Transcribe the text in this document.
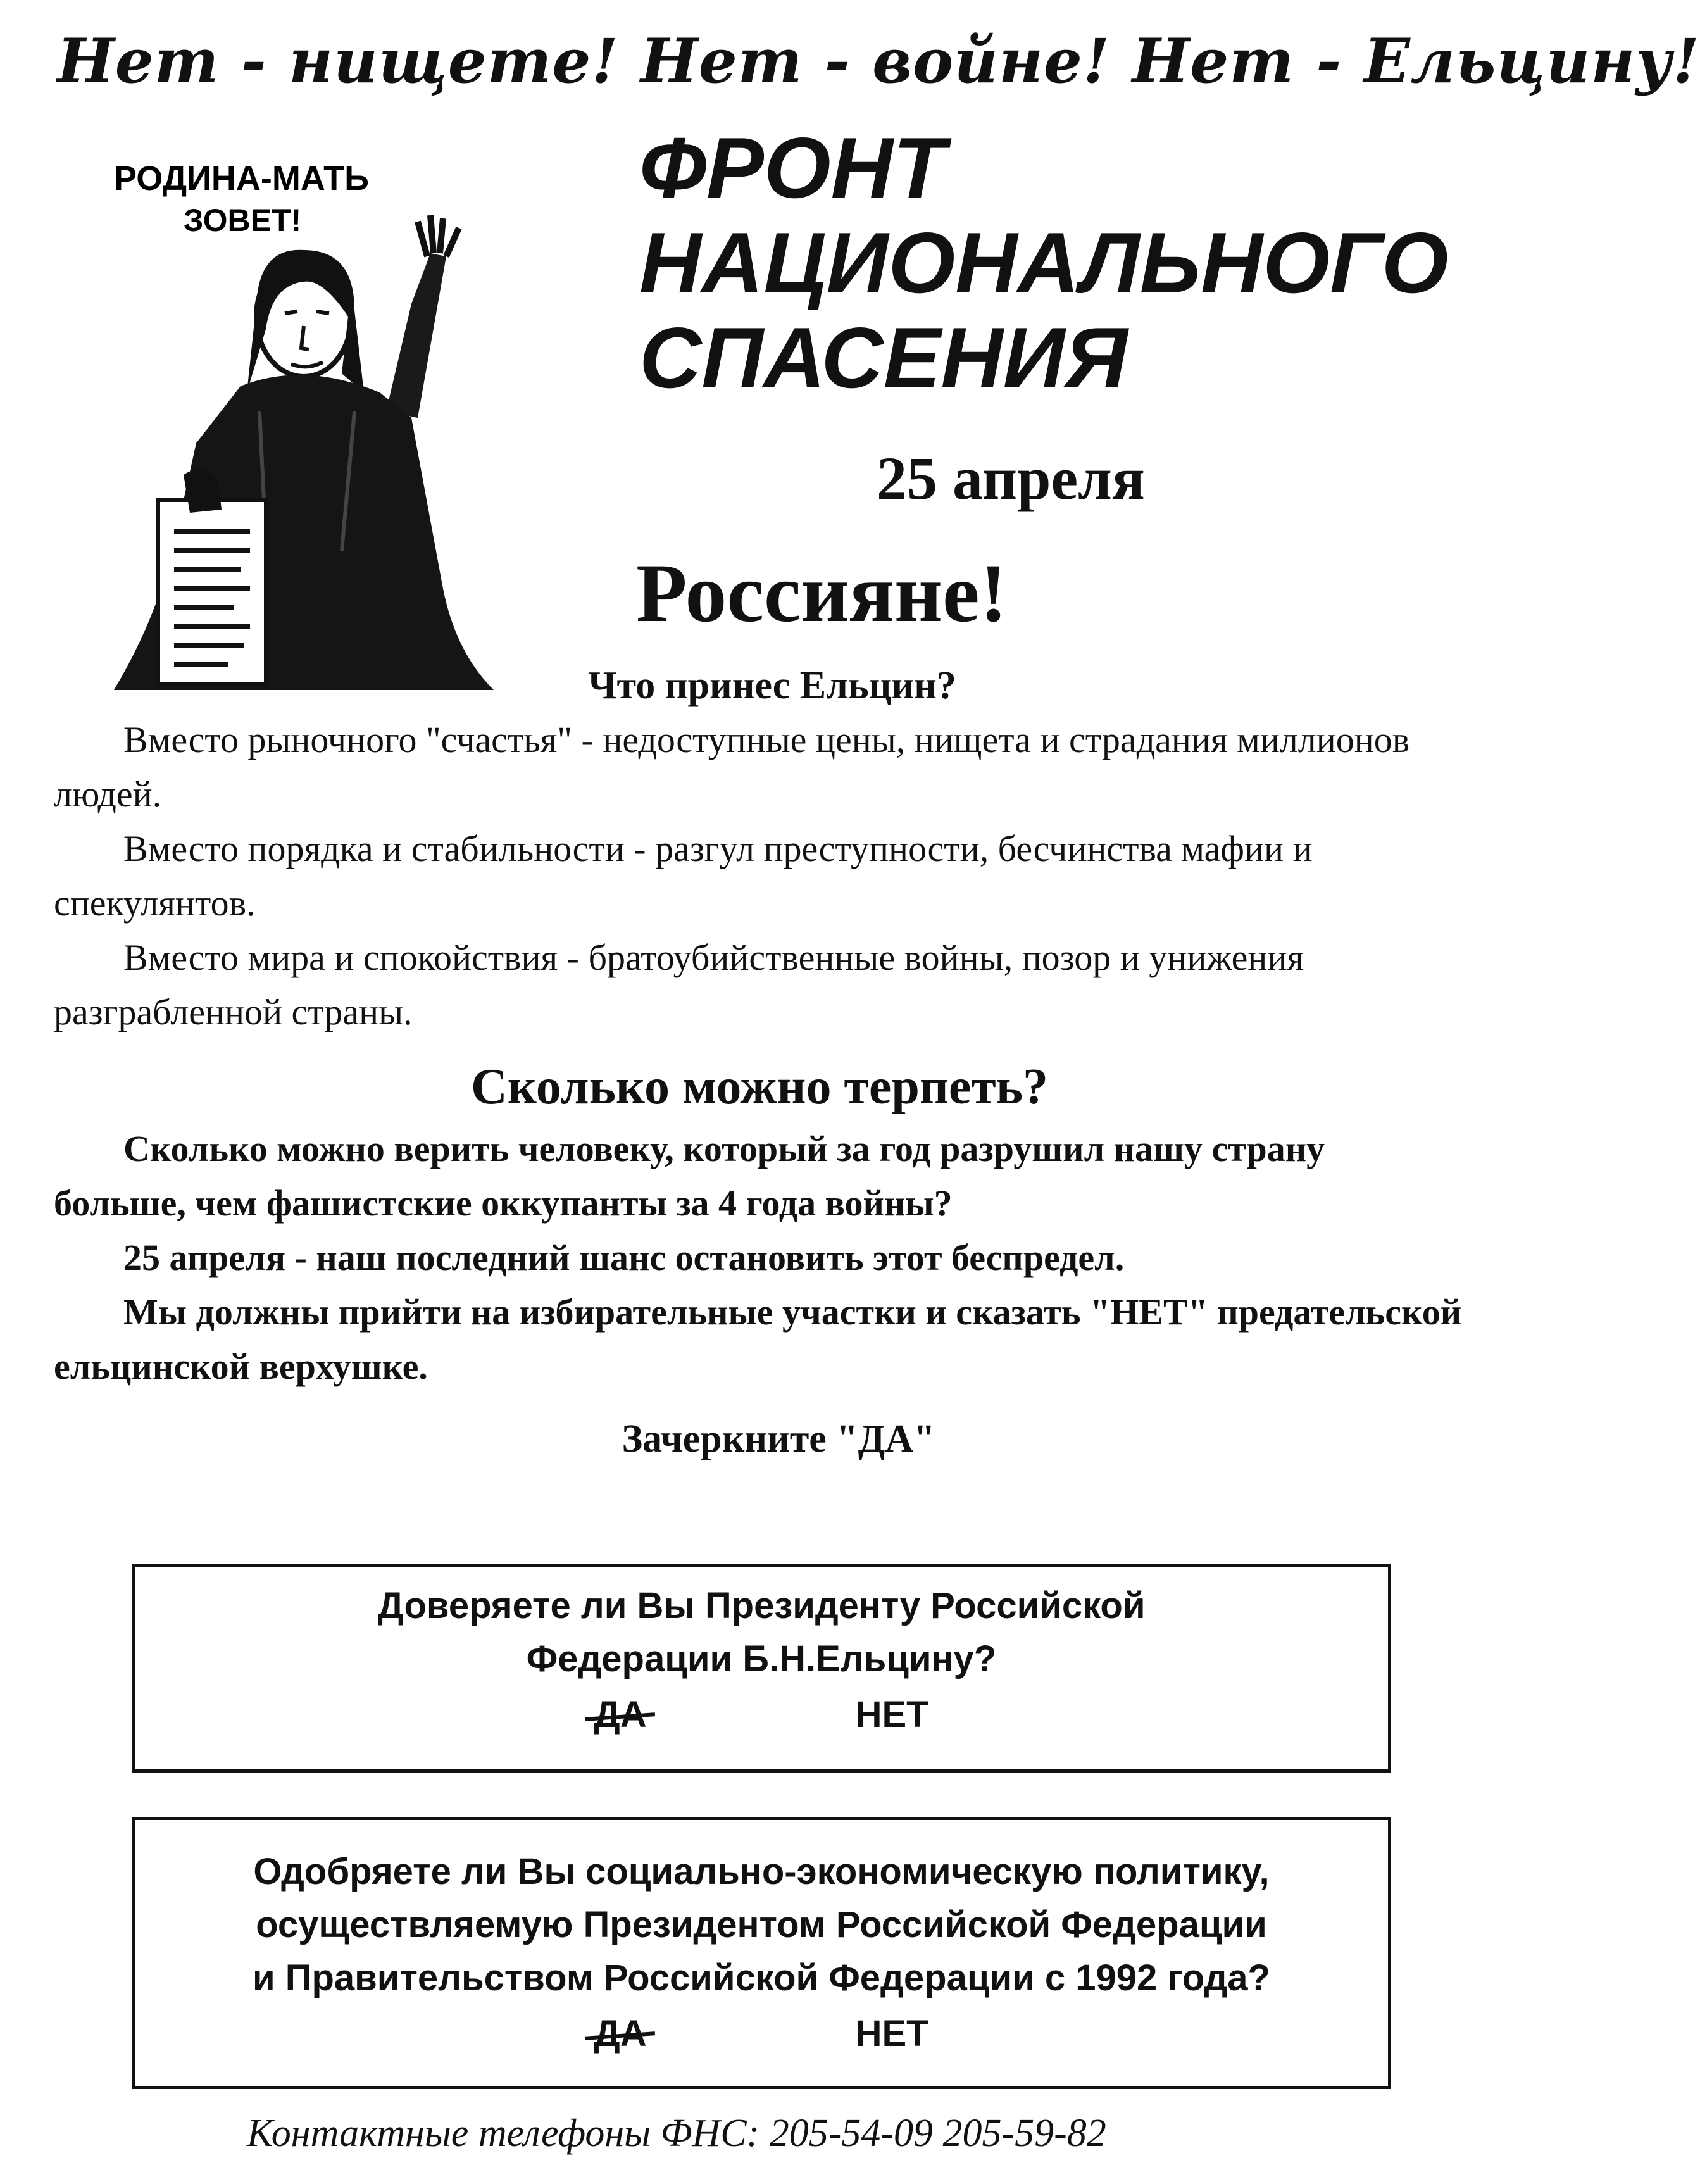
Нет - нищете! Нет - войне! Нет - Ельцину!
РОДИНА-МАТЬ
ЗОВЕТ!
ФРОНТ
НАЦИОНАЛЬНОГО
СПАСЕНИЯ
25 апреля
Россияне!
Что принес Ельцин?
Вместо рыночного "счастья" - недоступные цены, нищета и страдания миллионов людей.
Вместо порядка и стабильности - разгул преступности, бесчинства мафии и спекулянтов.
Вместо мира и спокойствия - братоубийственные войны, позор и унижения разграбленной страны.
Сколько можно терпеть?
Сколько можно верить человеку, который за год разрушил нашу страну больше, чем фашистские оккупанты за 4 года войны?
25 апреля - наш последний шанс остановить этот беспредел.
Мы должны прийти на избирательные участки и сказать "НЕТ" предательской ельцинской верхушке.
Зачеркните "ДА"
Доверяете ли Вы Президенту Российской
Федерации Б.Н.Ельцину?
ДА	НЕТ
Одобряете ли Вы социально-экономическую политику,
осуществляемую Президентом Российской Федерации
и Правительством Российской Федерации с 1992 года?
ДА	НЕТ
Контактные телефоны ФНС: 205-54-09 205-59-82
